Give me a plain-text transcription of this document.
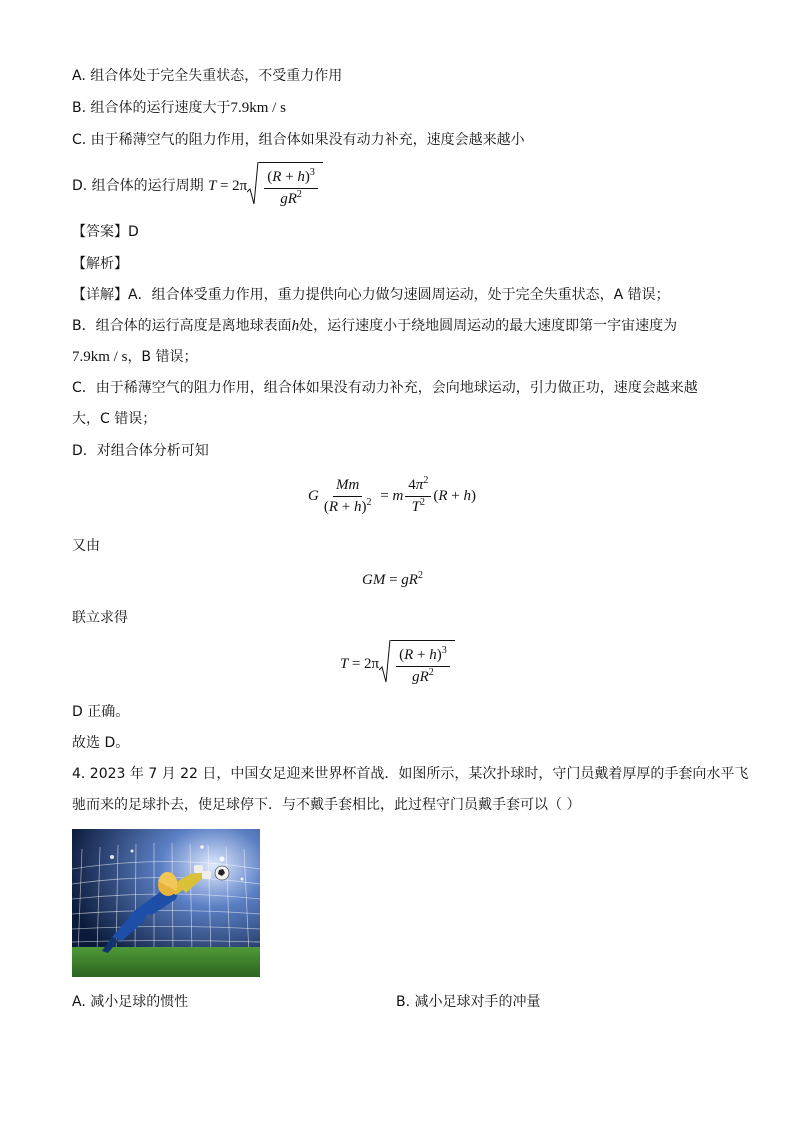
A. 组合体处于完全失重状态，不受重力作用
B. 组合体的运行速度大于7.9km / s
C. 由于稀薄空气的阻力作用，组合体如果没有动力补充，速度会越来越小
D. 组合体的运行周期 $T = 2\pi \frac{(R + h)^3}{gR^2}$
【答案】D
【解析】
【详解】A．组合体受重力作用，重力提供向心力做匀速圆周运动，处于完全失重状态，A 错误；
B．组合体的运行高度是离地球表面h处，运行速度小于绕地圆周运动的最大速度即第一宇宙速度为
7.9km / s，B 错误；
C．由于稀薄空气的阻力作用，组合体如果没有动力补充，会向地球运动，引力做正功，速度会越来越
大，C 错误；
D．对组合体分析可知
G $\frac{Mm}{(R + h)^2} = m \frac{4\pi^2}{T^2} (R + h)$
又由
GM = $gR^2$
联立求得
$T = 2\pi \frac{(R + h)^3}{gR^2}$
D 正确。
故选 D。
4. 2023 年 7 月 22 日，中国女足迎来世界杯首战．如图所示，某次扑球时，守门员戴着厚厚的手套向水平飞
驰而来的足球扑去，使足球停下．与不戴手套相比，此过程守门员戴手套可以（ ）
A. 减小足球的惯性	B. 减小足球对手的冲量
